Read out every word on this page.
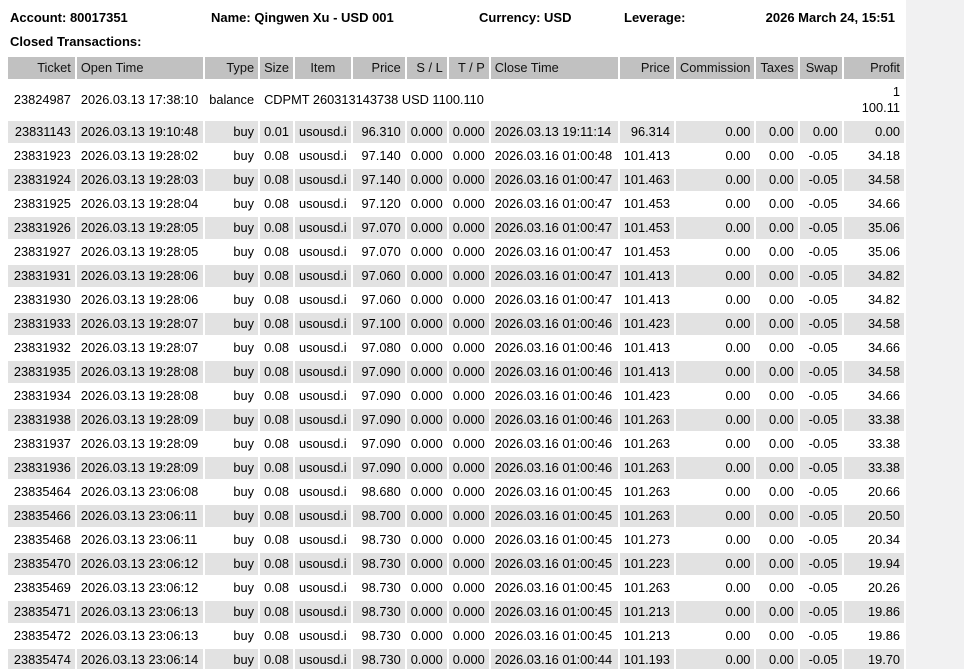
Account: 80017351	Name: Qingwen Xu - USD 001	Currency: USD	Leverage:	2026 March 24, 15:51
Closed Transactions:
Ticket	Open Time	Type	Size	Item	Price	S / L	T / P	Close Time	Price	Commission	Taxes	Swap	Profit
23824987	2026.03.13 17:38:10	balance	CDPMT 260313143738 USD 1100.110										1 100.11
23831143	2026.03.13 19:10:48	buy	0.01	usousd.i	96.310	0.000	0.000	2026.03.13 19:11:14	96.314	0.00	0.00	0.00	0.00
23831923	2026.03.13 19:28:02	buy	0.08	usousd.i	97.140	0.000	0.000	2026.03.16 01:00:48	101.413	0.00	0.00	-0.05	34.18
23831924	2026.03.13 19:28:03	buy	0.08	usousd.i	97.140	0.000	0.000	2026.03.16 01:00:47	101.463	0.00	0.00	-0.05	34.58
23831925	2026.03.13 19:28:04	buy	0.08	usousd.i	97.120	0.000	0.000	2026.03.16 01:00:47	101.453	0.00	0.00	-0.05	34.66
23831926	2026.03.13 19:28:05	buy	0.08	usousd.i	97.070	0.000	0.000	2026.03.16 01:00:47	101.453	0.00	0.00	-0.05	35.06
23831927	2026.03.13 19:28:05	buy	0.08	usousd.i	97.070	0.000	0.000	2026.03.16 01:00:47	101.453	0.00	0.00	-0.05	35.06
23831931	2026.03.13 19:28:06	buy	0.08	usousd.i	97.060	0.000	0.000	2026.03.16 01:00:47	101.413	0.00	0.00	-0.05	34.82
23831930	2026.03.13 19:28:06	buy	0.08	usousd.i	97.060	0.000	0.000	2026.03.16 01:00:47	101.413	0.00	0.00	-0.05	34.82
23831933	2026.03.13 19:28:07	buy	0.08	usousd.i	97.100	0.000	0.000	2026.03.16 01:00:46	101.423	0.00	0.00	-0.05	34.58
23831932	2026.03.13 19:28:07	buy	0.08	usousd.i	97.080	0.000	0.000	2026.03.16 01:00:46	101.413	0.00	0.00	-0.05	34.66
23831935	2026.03.13 19:28:08	buy	0.08	usousd.i	97.090	0.000	0.000	2026.03.16 01:00:46	101.413	0.00	0.00	-0.05	34.58
23831934	2026.03.13 19:28:08	buy	0.08	usousd.i	97.090	0.000	0.000	2026.03.16 01:00:46	101.423	0.00	0.00	-0.05	34.66
23831938	2026.03.13 19:28:09	buy	0.08	usousd.i	97.090	0.000	0.000	2026.03.16 01:00:46	101.263	0.00	0.00	-0.05	33.38
23831937	2026.03.13 19:28:09	buy	0.08	usousd.i	97.090	0.000	0.000	2026.03.16 01:00:46	101.263	0.00	0.00	-0.05	33.38
23831936	2026.03.13 19:28:09	buy	0.08	usousd.i	97.090	0.000	0.000	2026.03.16 01:00:46	101.263	0.00	0.00	-0.05	33.38
23835464	2026.03.13 23:06:08	buy	0.08	usousd.i	98.680	0.000	0.000	2026.03.16 01:00:45	101.263	0.00	0.00	-0.05	20.66
23835466	2026.03.13 23:06:11	buy	0.08	usousd.i	98.700	0.000	0.000	2026.03.16 01:00:45	101.263	0.00	0.00	-0.05	20.50
23835468	2026.03.13 23:06:11	buy	0.08	usousd.i	98.730	0.000	0.000	2026.03.16 01:00:45	101.273	0.00	0.00	-0.05	20.34
23835470	2026.03.13 23:06:12	buy	0.08	usousd.i	98.730	0.000	0.000	2026.03.16 01:00:45	101.223	0.00	0.00	-0.05	19.94
23835469	2026.03.13 23:06:12	buy	0.08	usousd.i	98.730	0.000	0.000	2026.03.16 01:00:45	101.263	0.00	0.00	-0.05	20.26
23835471	2026.03.13 23:06:13	buy	0.08	usousd.i	98.730	0.000	0.000	2026.03.16 01:00:45	101.213	0.00	0.00	-0.05	19.86
23835472	2026.03.13 23:06:13	buy	0.08	usousd.i	98.730	0.000	0.000	2026.03.16 01:00:45	101.213	0.00	0.00	-0.05	19.86
23835474	2026.03.13 23:06:14	buy	0.08	usousd.i	98.730	0.000	0.000	2026.03.16 01:00:44	101.193	0.00	0.00	-0.05	19.70
